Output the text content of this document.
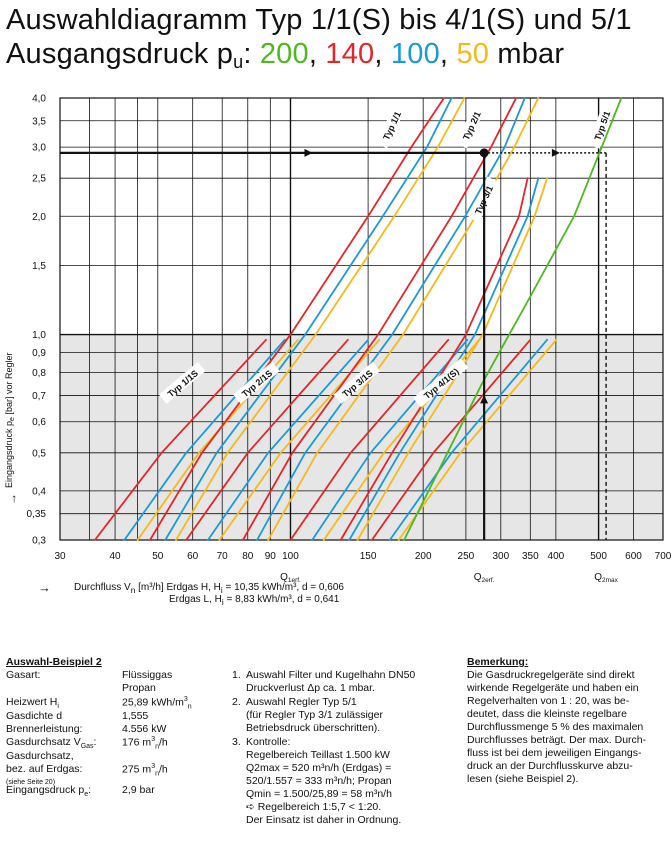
Auswahldiagramm Typ 1/1(S) bis 4/1(S) und 5/1
Ausgangsdruck $p_u$: 200, 140, 100, 50 mbar
0,3
0,35
0,4
0,5
0,6
0,7
0,8
0,9
1,0
1,5
2,0
2,5
3,0
3,5
4,0
30	40	50 60 70 80 90 100	150	200	250 300 350 400	500 600 700
Eingangsdruck $p_e$ [bar] vor Regler
→
Typ 1/1	Typ 2/1
Typ 3/1
Typ 5/1
Typ 1/1S	Typ 2/1S	Typ 3/1S	Typ 4/1(S)
$Q_{1erf.}$	$Q_{2erf.}$	$Q_{2max}$
→ Durchfluss $V_n$ [m³/h] Erdgas H, $H_i = 10,35$ kWh/m³, d = 0,606
Erdgas L, $H_i = 8,83$ kWh/m³, d = 0,641
Auswahl-Beispiel 2
Gasart:	Flüssiggas
Propan
Heizwert $H_i$	25,89 kWh/$m^3_n$
Gasdichte d	1,555
Brennerleistung:	4.556 kW
Gasdurchsatz $V_{Gas}$: 176 $m^3_n/h$
Gasdurchsatz,
bez. auf Erdgas:	275 $m^3_n/h$
(siehe Seite 20)
Eingangsdruck $p_e$:	2,9 bar
1. Auswahl Filter und Kugelhahn DN50
Druckverlust Δp ca. 1 mbar.
2. Auswahl Regler Typ 5/1
(für Regler Typ 3/1 zulässiger
Betriebsdruck überschritten).
3. Kontrolle:
Regelbereich Teillast 1.500 kW
Q2max = 520 m³n/h (Erdgas) =
520/1.557 = 333 m³n/h; Propan
Qmin = 1.500/25,89 = 58 m³n/h
➪ Regelbereich 1:5,7 < 1:20.
Der Einsatz ist daher in Ordnung.
Bemerkung:
Die Gasdruckregelgeräte sind direkt
wirkende Regelgeräte und haben ein
Regelverhalten von 1 : 20, was be-
deutet, dass die kleinste regelbare
Durchflussmenge 5 % des maximalen
Durchflusses beträgt. Der max. Durch-
fluss ist bei dem jeweiligen Eingangs-
druck an der Durchflusskurve abzu-
lesen (siehe Beispiel 2).
